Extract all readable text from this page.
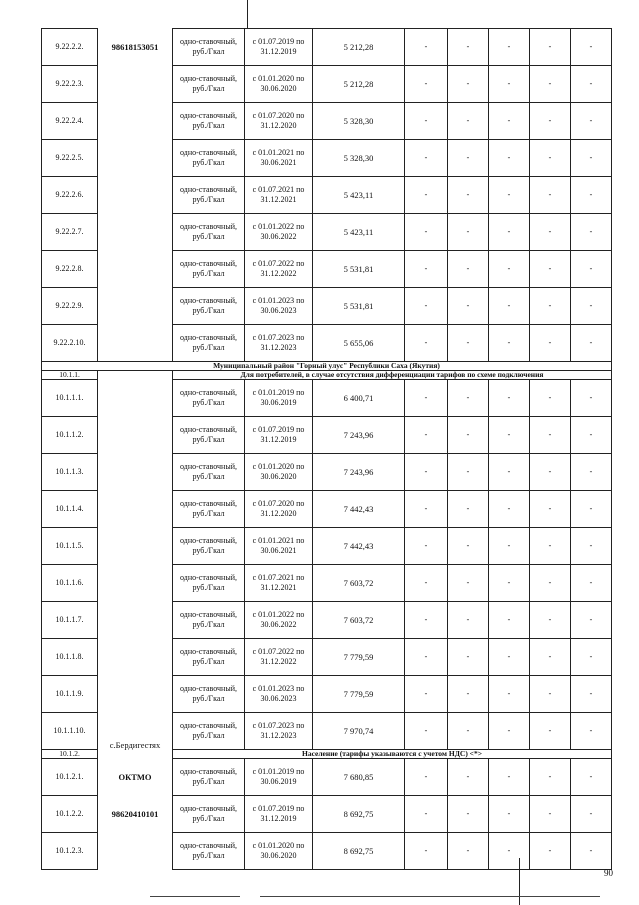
9.22.2.2.	98618153051	одно-ставочный, руб./Гкал	с 01.07.2019 по 31.12.2019	5 212,28	-	-	-	-	-
9.22.2.3.		одно-ставочный, руб./Гкал	с 01.01.2020 по 30.06.2020	5 212,28	-	-	-	-	-
9.22.2.4.		одно-ставочный, руб./Гкал	с 01.07.2020 по 31.12.2020	5 328,30	-	-	-	-	-
9.22.2.5.		одно-ставочный, руб./Гкал	с 01.01.2021 по 30.06.2021	5 328,30	-	-	-	-	-
9.22.2.6.		одно-ставочный, руб./Гкал	с 01.07.2021 по 31.12.2021	5 423,11	-	-	-	-	-
9.22.2.7.		одно-ставочный, руб./Гкал	с 01.01.2022 по 30.06.2022	5 423,11	-	-	-	-	-
9.22.2.8.		одно-ставочный, руб./Гкал	с 01.07.2022 по 31.12.2022	5 531,81	-	-	-	-	-
9.22.2.9.		одно-ставочный, руб./Гкал	с 01.01.2023 по 30.06.2023	5 531,81	-	-	-	-	-
9.22.2.10.		одно-ставочный, руб./Гкал	с 01.07.2023 по 31.12.2023	5 655,06	-	-	-	-	-
Муниципальный район "Горный улус" Республики Саха (Якутия)									
10.1.1.		Для потребителей, в случае отсутствия дифференциации тарифов по схеме подключения							
10.1.1.1.		одно-ставочный, руб./Гкал	с 01.01.2019 по 30.06.2019	6 400,71	-	-	-	-	-
10.1.1.2.		одно-ставочный, руб./Гкал	с 01.07.2019 по 31.12.2019	7 243,96	-	-	-	-	-
10.1.1.3.		одно-ставочный, руб./Гкал	с 01.01.2020 по 30.06.2020	7 243,96	-	-	-	-	-
10.1.1.4.		одно-ставочный, руб./Гкал	с 01.07.2020 по 31.12.2020	7 442,43	-	-	-	-	-
10.1.1.5.		одно-ставочный, руб./Гкал	с 01.01.2021 по 30.06.2021	7 442,43	-	-	-	-	-
10.1.1.6.		одно-ставочный, руб./Гкал	с 01.07.2021 по 31.12.2021	7 603,72	-	-	-	-	-
10.1.1.7.		одно-ставочный, руб./Гкал	с 01.01.2022 по 30.06.2022	7 603,72	-	-	-	-	-
10.1.1.8.		одно-ставочный, руб./Гкал	с 01.07.2022 по 31.12.2022	7 779,59	-	-	-	-	-
10.1.1.9.		одно-ставочный, руб./Гкал	с 01.01.2023 по 30.06.2023	7 779,59	-	-	-	-	-
10.1.1.10.	с.Бердигестях	одно-ставочный, руб./Гкал	с 01.07.2023 по 31.12.2023	7 970,74	-	-	-	-	-
10.1.2.		Население (тарифы указываются с учетом НДС) <*>							
10.1.2.1.	ОКТМО	одно-ставочный, руб./Гкал	с 01.01.2019 по 30.06.2019	7 680,85	-	-	-	-	-
10.1.2.2.	98620410101	одно-ставочный, руб./Гкал	с 01.07.2019 по 31.12.2019	8 692,75	-	-	-	-	-
10.1.2.3.		одно-ставочный, руб./Гкал	с 01.01.2020 по 30.06.2020	8 692,75	-	-	-	-	-
90
